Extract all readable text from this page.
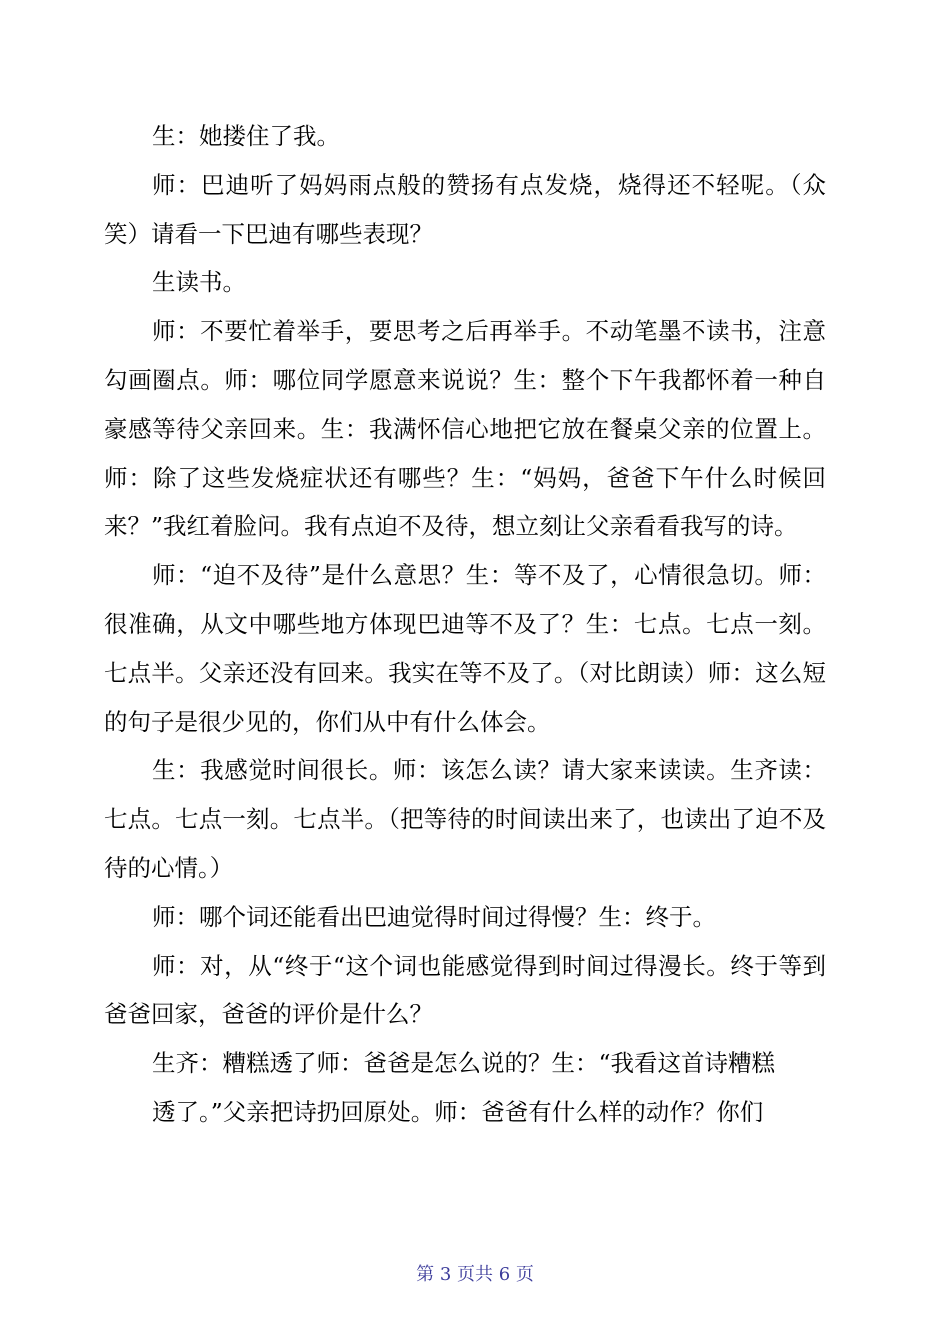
生：她搂住了我。

师：巴迪听了妈妈雨点般的赞扬有点发烧，烧得还不轻呢。（众笑）请看一下巴迪有哪些表现？

生读书。

师：不要忙着举手，要思考之后再举手。不动笔墨不读书，注意勾画圈点。师：哪位同学愿意来说说？生：整个下午我都怀着一种自豪感等待父亲回来。生：我满怀信心地把它放在餐桌父亲的位置上。师：除了这些发烧症状还有哪些？生：“妈妈，爸爸下午什么时候回来？”我红着脸问。我有点迫不及待，想立刻让父亲看看我写的诗。

师：“迫不及待”是什么意思？生：等不及了，心情很急切。师：很准确，从文中哪些地方体现巴迪等不及了？生：七点。七点一刻。七点半。父亲还没有回来。我实在等不及了。（对比朗读）师：这么短的句子是很少见的，你们从中有什么体会。

生：我感觉时间很长。师：该怎么读？请大家来读读。生齐读：七点。七点一刻。七点半。（把等待的时间读出来了，也读出了迫不及待的心情。）

师：哪个词还能看出巴迪觉得时间过得慢？生：终于。

师：对，从“终于“这个词也能感觉得到时间过得漫长。终于等到爸爸回家，爸爸的评价是什么？

生齐：糟糕透了师：爸爸是怎么说的？生：“我看这首诗糟糕

透了。”父亲把诗扔回原处。师：爸爸有什么样的动作？你们

第 3 页共 6 页
